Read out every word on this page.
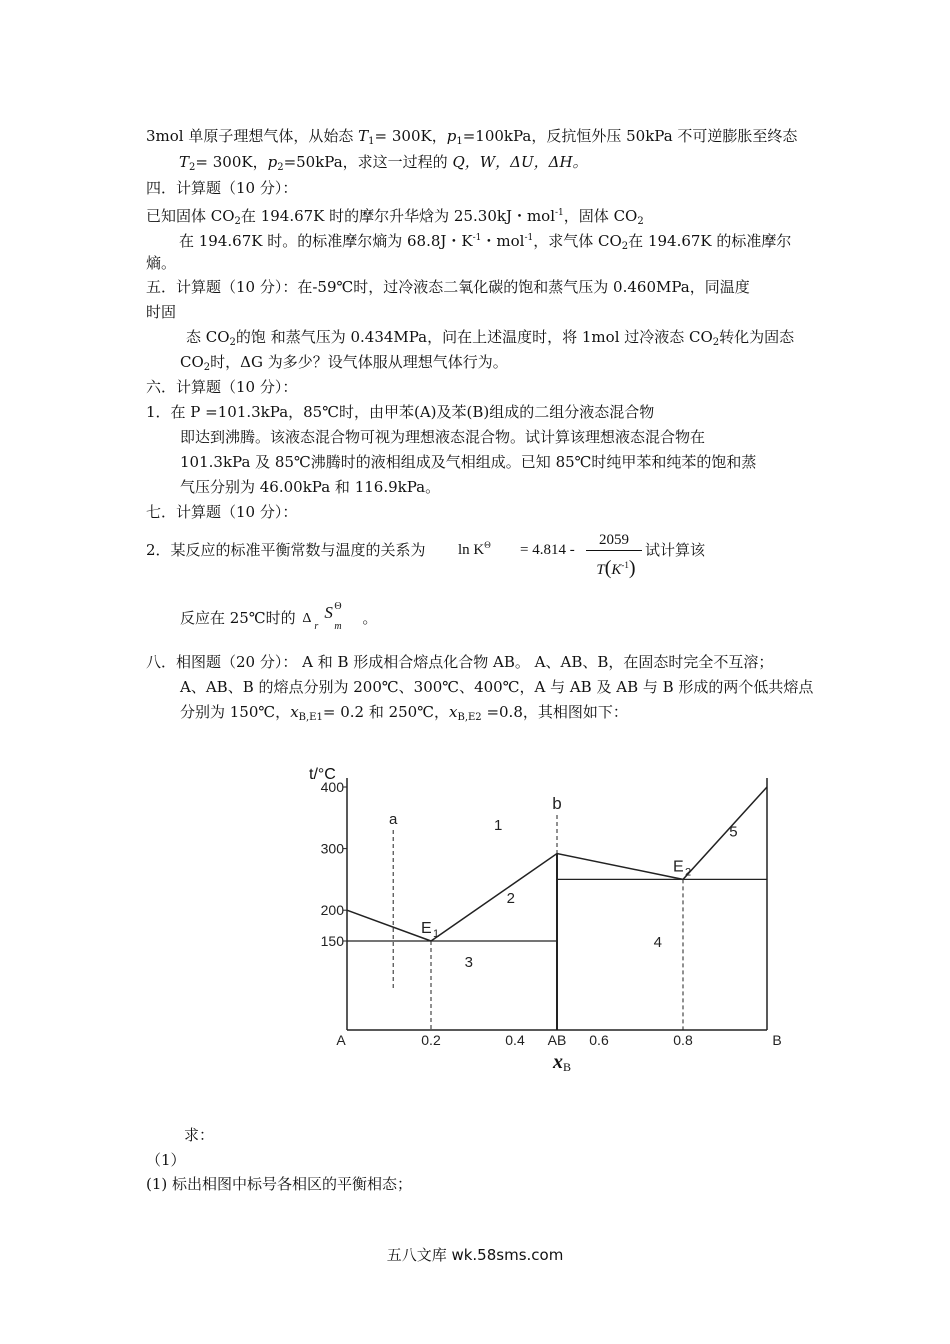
3mol 单原子理想气体，从始态 $T_1= 300K$，$p_1=100kPa$，反抗恒外压 50kPa 不可逆膨胀至终态
$T_2= 300K$，$p_2=50kPa$，求这一过程的 Q，W，ΔU，ΔH。
四．计算题（10 分）：
已知固体 $CO_2$在 194.67K 时的摩尔升华焓为 25.30kJ・mol$^{-1}$，固体 $CO_2$
在 194.67K 时。的标准摩尔熵为 68.8J・$K^{-1}$・mol$^{-1}$，求气体 $CO_2$在 194.67K 的标准摩尔
熵。
五．计算题（10 分）：在-59℃时，过冷液态二氧化碳的饱和蒸气压为 0.460MPa，同温度
时固
态 $CO_2$的饱 和蒸气压为 0.434MPa，问在上述温度时，将 1mol 过冷液态 $CO_2$转化为固态
$CO_2$时，ΔG 为多少？设气体服从理想气体行为。
六．计算题（10 分）：
1．在 P =101.3kPa，85℃时，由甲苯(A)及苯(B)组成的二组分液态混合物
即达到沸腾。该液态混合物可视为理想液态混合物。试计算该理想液态混合物在
101.3kPa 及 85℃沸腾时的液相组成及气相组成。已知 85℃时纯甲苯和纯苯的饱和蒸
气压分别为 46.00kPa 和 116.9kPa。
七．计算题（10 分）：
2．某反应的标准平衡常数与温度的关系为 $\ln K^\Theta = 4.814$ -
2059
$T(K^{-1})$
试计算该
反应在 25℃时的 Δ
r
S Θ
m 。
八．相图题（20 分）： A 和 B 形成相合熔点化合物 AB。 A、AB、B，在固态时完全不互溶；
A、AB、B 的熔点分别为 200℃、300℃、400℃，A 与 AB 及 AB 与 B 形成的两个低共熔点
分别为 150℃，$x_{B,E1}= 0.2$ 和 250℃，$x_{B,E2} =0.8$，其相图如下：
a
b
E 1
E 2
400
300
200
150
A	0.2	0.4 AB 0.6	0.8	B
1
2
3
4
5
t/°C
$x_B$
求：
（1）
(1) 标出相图中标号各相区的平衡相态；
五八文库 wk.58sms.com
